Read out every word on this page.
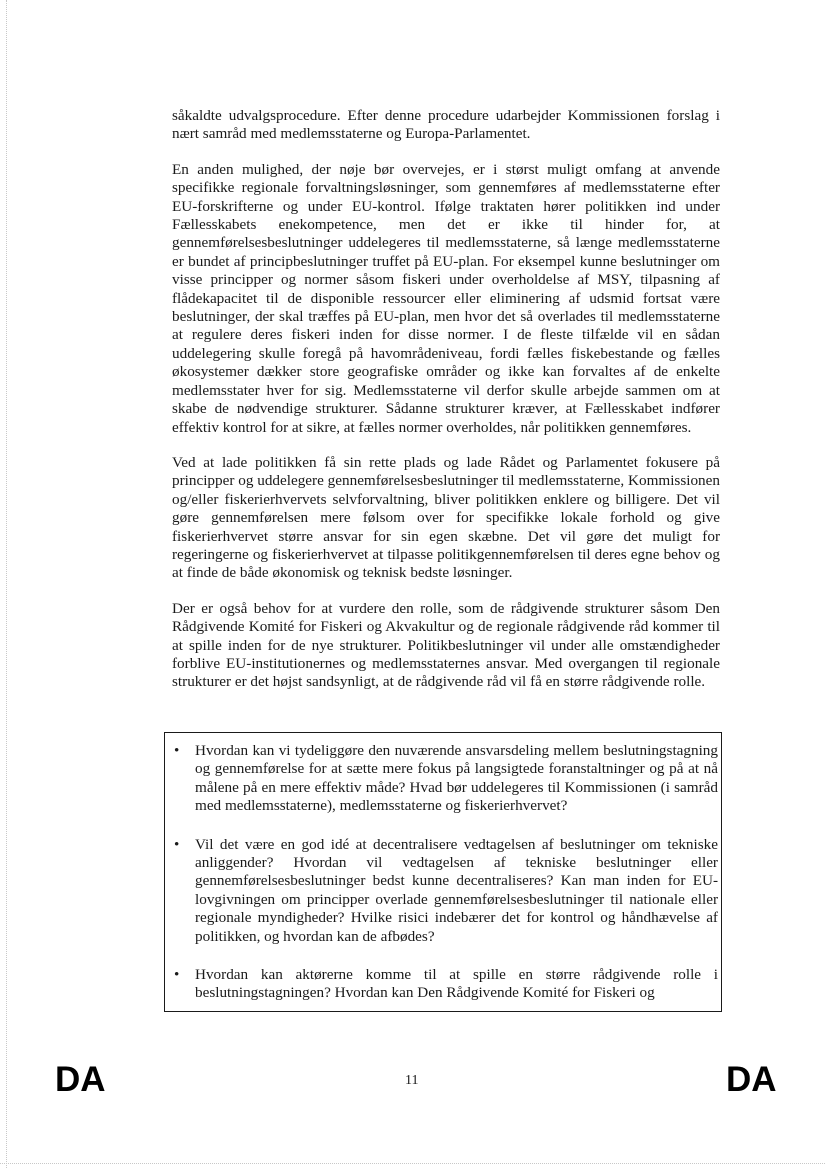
såkaldte udvalgsprocedure. Efter denne procedure udarbejder Kommissionen forslag i nært samråd med medlemsstaterne og Europa-Parlamentet.

En anden mulighed, der nøje bør overvejes, er i størst muligt omfang at anvende specifikke regionale forvaltningsløsninger, som gennemføres af medlemsstaterne efter EU-forskrifterne og under EU-kontrol. Ifølge traktaten hører politikken ind under Fællesskabets enekompetence, men det er ikke til hinder for, at gennemførelsesbeslutninger uddelegeres til medlemsstaterne, så længe medlemsstaterne er bundet af principbeslutninger truffet på EU-plan. For eksempel kunne beslutninger om visse principper og normer såsom fiskeri under overholdelse af MSY, tilpasning af flådekapacitet til de disponible ressourcer eller eliminering af udsmid fortsat være beslutninger, der skal træffes på EU-plan, men hvor det så overlades til medlemsstaterne at regulere deres fiskeri inden for disse normer. I de fleste tilfælde vil en sådan uddelegering skulle foregå på havområdeniveau, fordi fælles fiskebestande og fælles økosystemer dækker store geografiske områder og ikke kan forvaltes af de enkelte medlemsstater hver for sig. Medlemsstaterne vil derfor skulle arbejde sammen om at skabe de nødvendige strukturer. Sådanne strukturer kræver, at Fællesskabet indfører effektiv kontrol for at sikre, at fælles normer overholdes, når politikken gennemføres.

Ved at lade politikken få sin rette plads og lade Rådet og Parlamentet fokusere på principper og uddelegere gennemførelsesbeslutninger til medlemsstaterne, Kommissionen og/eller fiskerierhvervets selvforvaltning, bliver politikken enklere og billigere. Det vil gøre gennemførelsen mere følsom over for specifikke lokale forhold og give fiskerierhvervet større ansvar for sin egen skæbne. Det vil gøre det muligt for regeringerne og fiskerierhvervet at tilpasse politikgennemførelsen til deres egne behov og at finde de både økonomisk og teknisk bedste løsninger.

Der er også behov for at vurdere den rolle, som de rådgivende strukturer såsom Den Rådgivende Komité for Fiskeri og Akvakultur og de regionale rådgivende råd kommer til at spille inden for de nye strukturer. Politikbeslutninger vil under alle omstændigheder forblive EU-institutionernes og medlemsstaternes ansvar. Med overgangen til regionale strukturer er det højst sandsynligt, at de rådgivende råd vil få en større rådgivende rolle.

• Hvordan kan vi tydeliggøre den nuværende ansvarsdeling mellem beslutningstagning og gennemførelse for at sætte mere fokus på langsigtede foranstaltninger og på at nå målene på en mere effektiv måde? Hvad bør uddelegeres til Kommissionen (i samråd med medlemsstaterne), medlemsstaterne og fiskerierhvervet?
• Vil det være en god idé at decentralisere vedtagelsen af beslutninger om tekniske anliggender? Hvordan vil vedtagelsen af tekniske beslutninger eller gennemførelsesbeslutninger bedst kunne decentraliseres? Kan man inden for EU-lovgivningen om principper overlade gennemførelsesbeslutninger til nationale eller regionale myndigheder? Hvilke risici indebærer det for kontrol og håndhævelse af politikken, og hvordan kan de afbødes?
• Hvordan kan aktørerne komme til at spille en større rådgivende rolle i beslutningstagningen? Hvordan kan Den Rådgivende Komité for Fiskeri og
DA	11	DA
